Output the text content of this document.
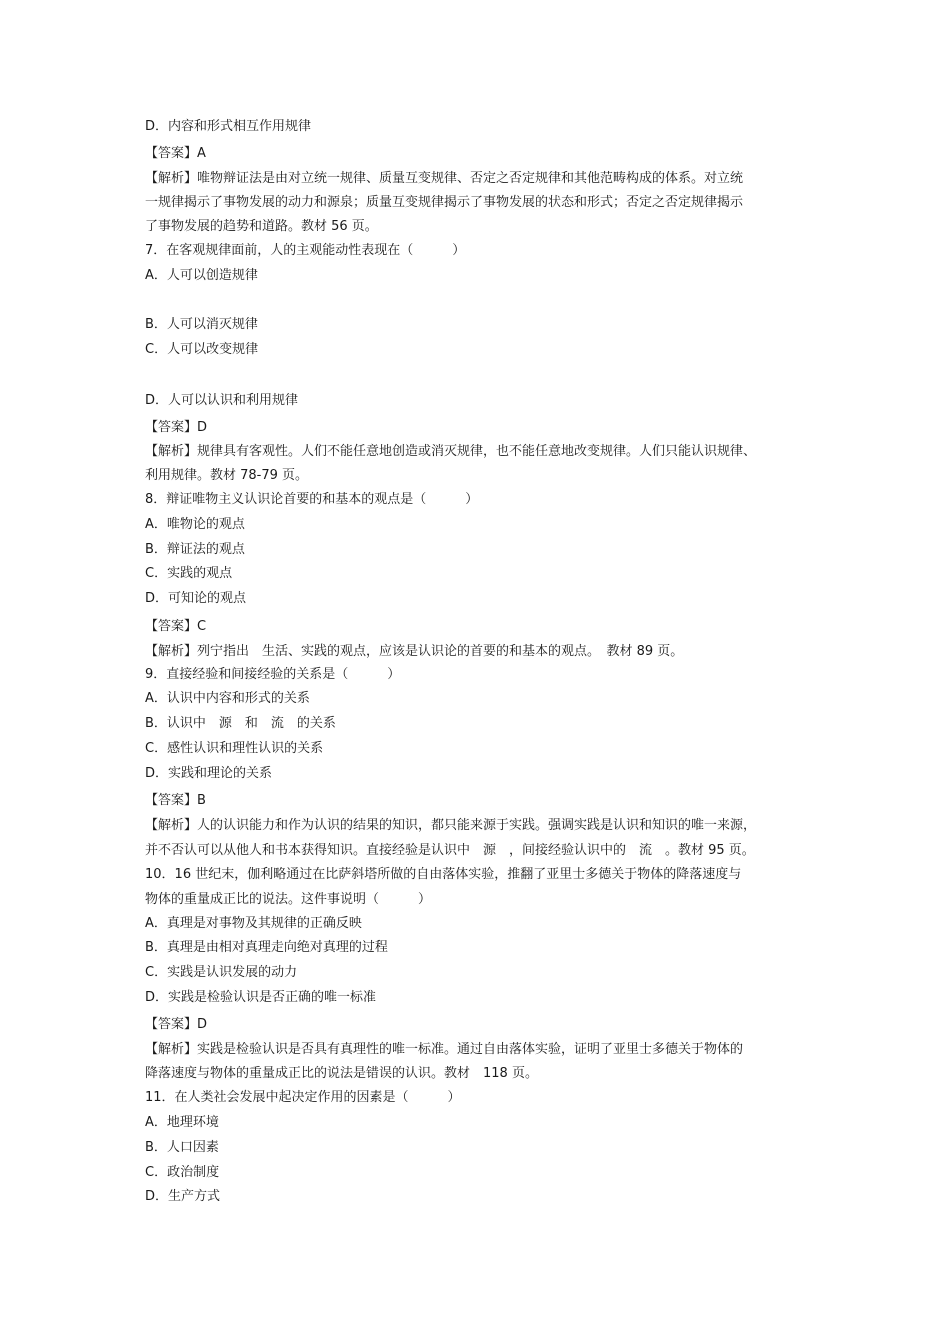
D．内容和形式相互作用规律
【答案】A
【解析】唯物辩证法是由对立统一规律、质量互变规律、否定之否定规律和其他范畴构成的体系。对立统
一规律揭示了事物发展的动力和源泉；质量互变规律揭示了事物发展的状态和形式；否定之否定规律揭示
了事物发展的趋势和道路。教材 56 页。
7．在客观规律面前，人的主观能动性表现在（　　　）
A．人可以创造规律
B．人可以消灭规律
C．人可以改变规律
D．人可以认识和利用规律
【答案】D
【解析】规律具有客观性。人们不能任意地创造或消灭规律，也不能任意地改变规律。人们只能认识规律、
利用规律。教材 78-79 页。
8．辩证唯物主义认识论首要的和基本的观点是（　　　）
A．唯物论的观点
B．辩证法的观点
C．实践的观点
D．可知论的观点
【答案】C
【解析】列宁指出　生活、实践的观点，应该是认识论的首要的和基本的观点。　教材 89 页。
9．直接经验和间接经验的关系是（　　　）
A．认识中内容和形式的关系
B．认识中　源　和　流　的关系
C．感性认识和理性认识的关系
D．实践和理论的关系
【答案】B
【解析】人的认识能力和作为认识的结果的知识，都只能来源于实践。强调实践是认识和知识的唯一来源，
并不否认可以从他人和书本获得知识。直接经验是认识中　源　，间接经验认识中的　流　。教材 95 页。
10．16 世纪末，伽利略通过在比萨斜塔所做的自由落体实验，推翻了亚里士多德关于物体的降落速度与
物体的重量成正比的说法。这件事说明（　　　）
A．真理是对事物及其规律的正确反映
B．真理是由相对真理走向绝对真理的过程
C．实践是认识发展的动力
D．实践是检验认识是否正确的唯一标准
【答案】D
【解析】实践是检验认识是否具有真理性的唯一标准。通过自由落体实验，证明了亚里士多德关于物体的
降落速度与物体的重量成正比的说法是错误的认识。教材　118 页。
11．在人类社会发展中起决定作用的因素是（　　　）
A．地理环境
B．人口因素
C．政治制度
D．生产方式
